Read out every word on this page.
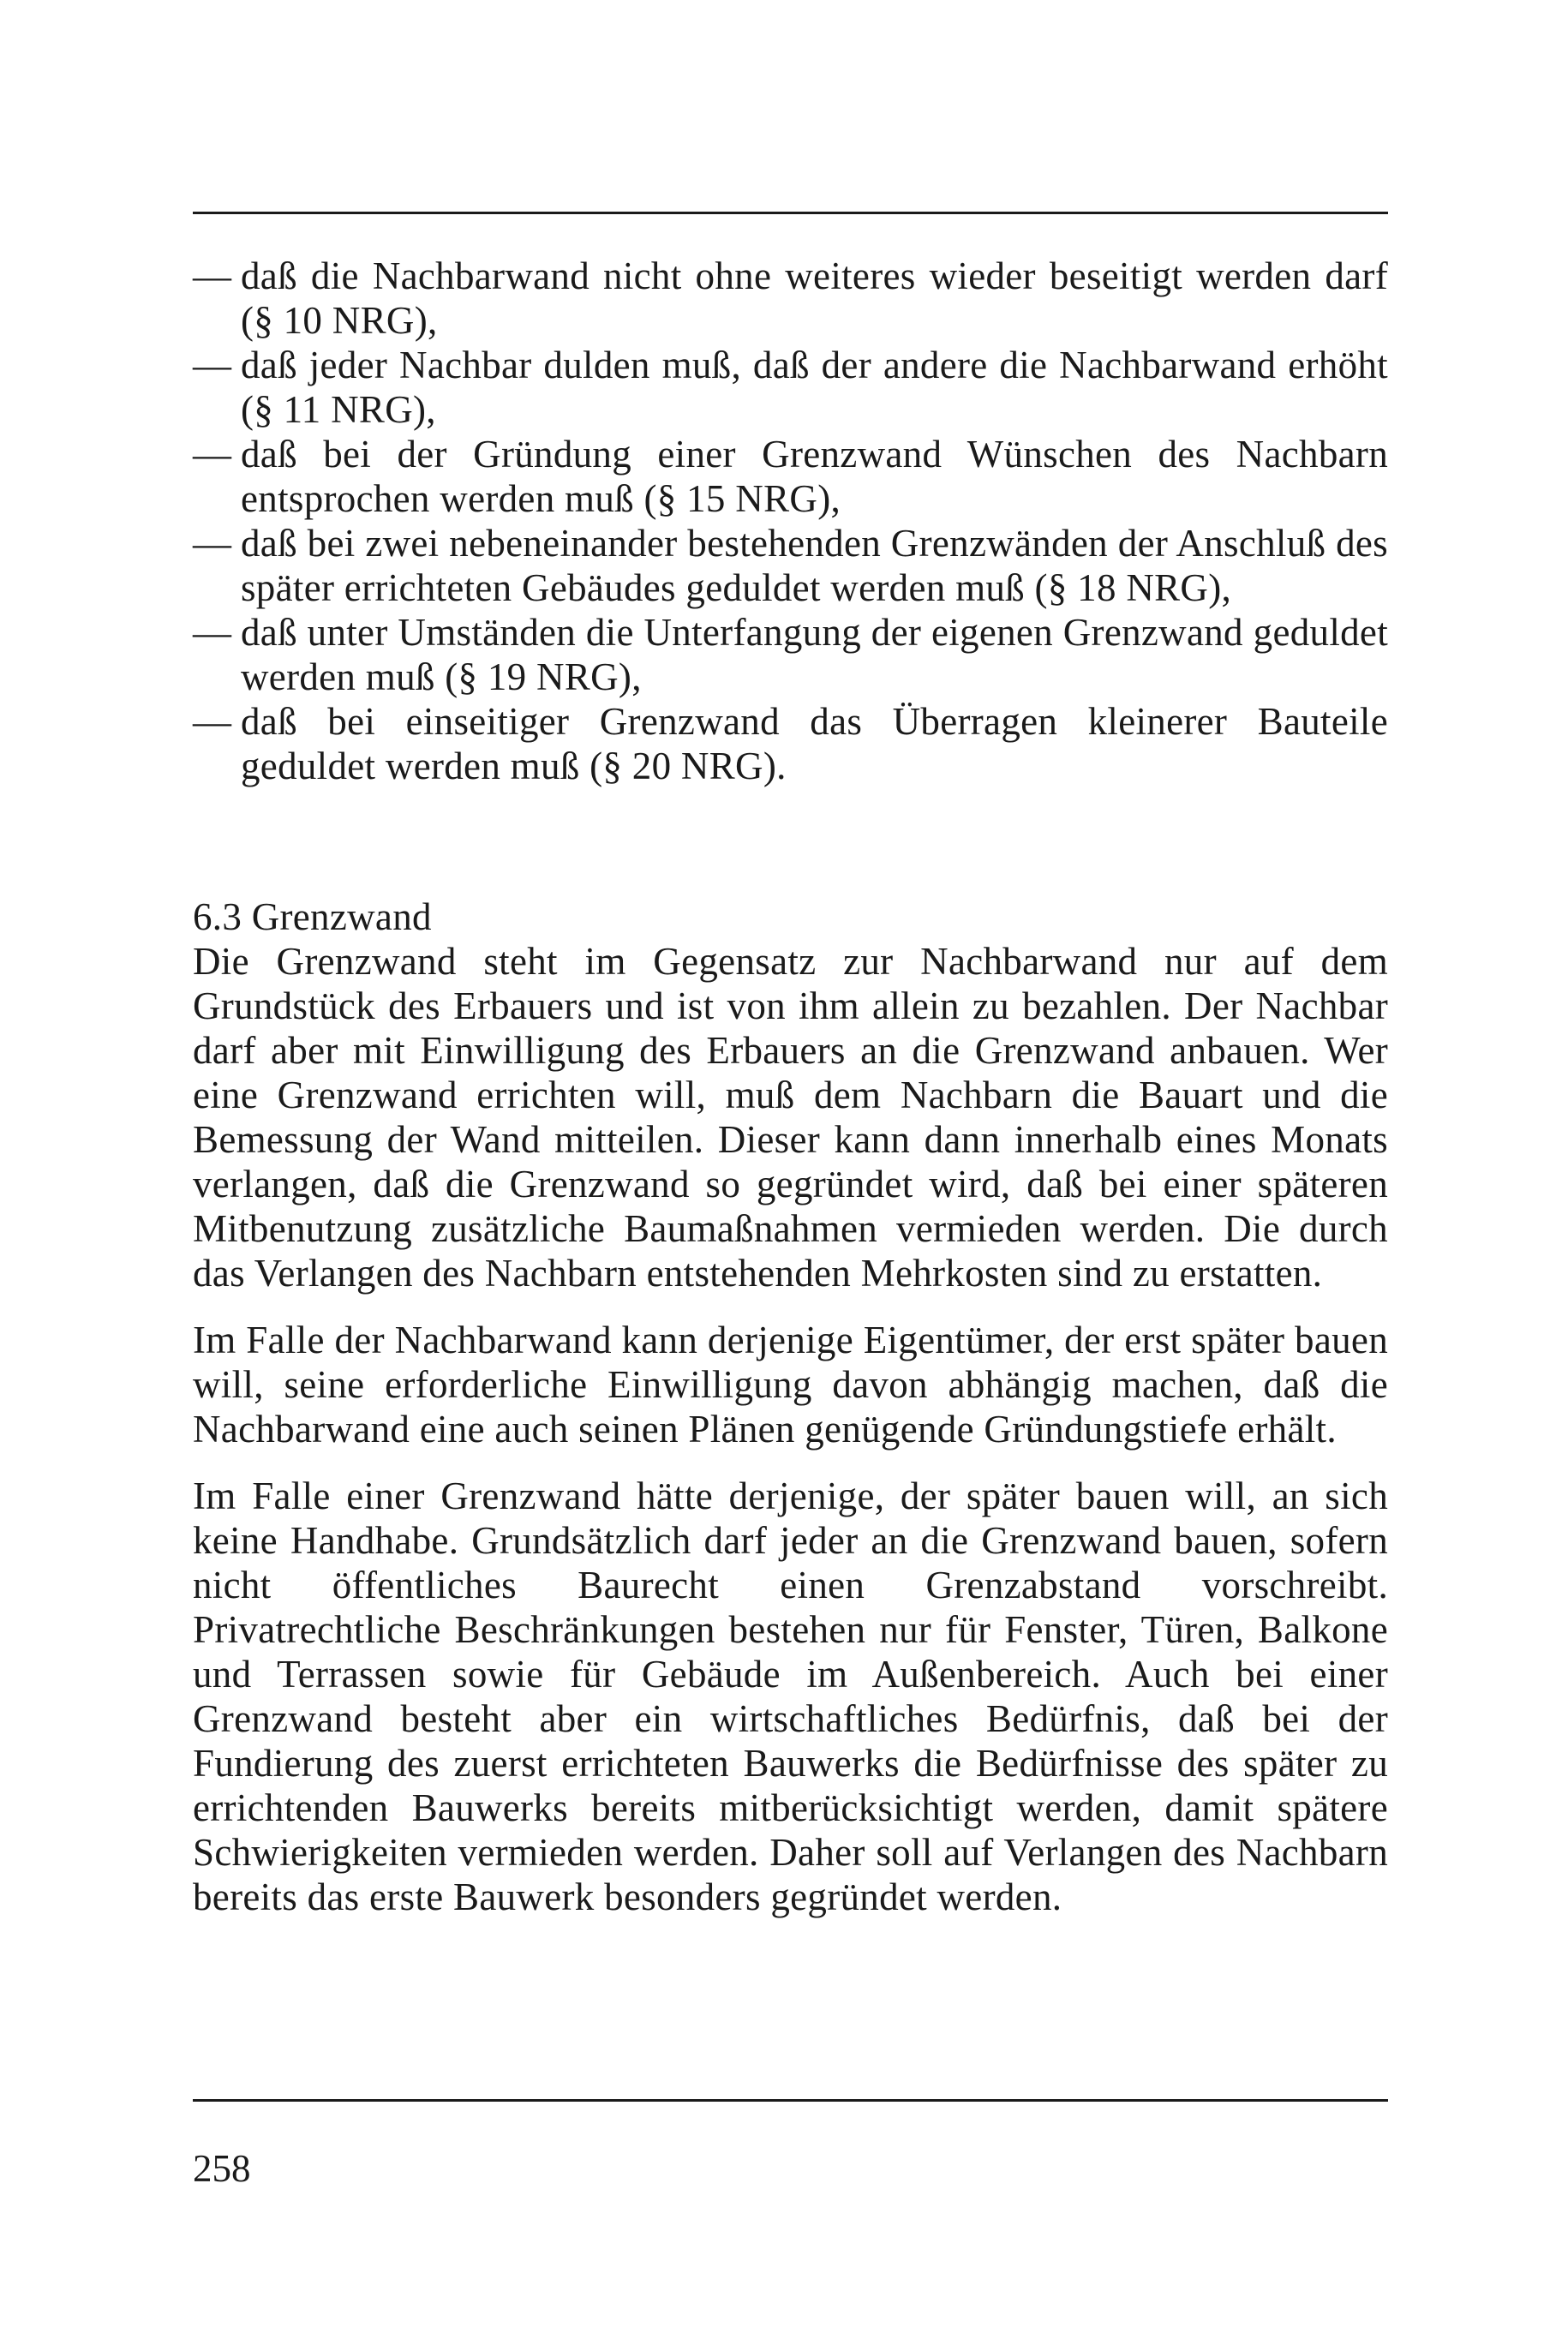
— daß die Nachbarwand nicht ohne weiteres wieder beseitigt werden darf (§ 10 NRG),
— daß jeder Nachbar dulden muß, daß der andere die Nachbarwand erhöht (§ 11 NRG),
— daß bei der Gründung einer Grenzwand Wünschen des Nachbarn entsprochen werden muß (§ 15 NRG),
— daß bei zwei nebeneinander bestehenden Grenzwänden der Anschluß des später errichteten Gebäudes geduldet werden muß (§ 18 NRG),
— daß unter Umständen die Unterfangung der eigenen Grenzwand geduldet werden muß (§ 19 NRG),
— daß bei einseitiger Grenzwand das Überragen kleinerer Bauteile geduldet werden muß (§ 20 NRG).
6.3 Grenzwand

Die Grenzwand steht im Gegensatz zur Nachbarwand nur auf dem Grundstück des Erbauers und ist von ihm allein zu bezahlen. Der Nachbar darf aber mit Einwilligung des Erbauers an die Grenzwand anbauen. Wer eine Grenzwand errichten will, muß dem Nachbarn die Bauart und die Bemessung der Wand mitteilen. Dieser kann dann innerhalb eines Monats verlangen, daß die Grenzwand so gegründet wird, daß bei einer späteren Mitbenutzung zusätzliche Baumaßnahmen vermieden werden. Die durch das Verlangen des Nachbarn entstehenden Mehrkosten sind zu erstatten.

Im Falle der Nachbarwand kann derjenige Eigentümer, der erst später bauen will, seine erforderliche Einwilligung davon abhängig machen, daß die Nachbarwand eine auch seinen Plänen genügende Gründungstiefe erhält.

Im Falle einer Grenzwand hätte derjenige, der später bauen will, an sich keine Handhabe. Grundsätzlich darf jeder an die Grenzwand bauen, sofern nicht öffentliches Baurecht einen Grenzabstand vorschreibt. Privatrechtliche Beschränkungen bestehen nur für Fenster, Türen, Balkone und Terrassen sowie für Gebäude im Außenbereich. Auch bei einer Grenzwand besteht aber ein wirtschaftliches Bedürfnis, daß bei der Fundierung des zuerst errichteten Bauwerks die Bedürfnisse des später zu errichtenden Bauwerks bereits mitberücksichtigt werden, damit spätere Schwierigkeiten vermieden werden. Daher soll auf Verlangen des Nachbarn bereits das erste Bauwerk besonders gegründet werden.

258
